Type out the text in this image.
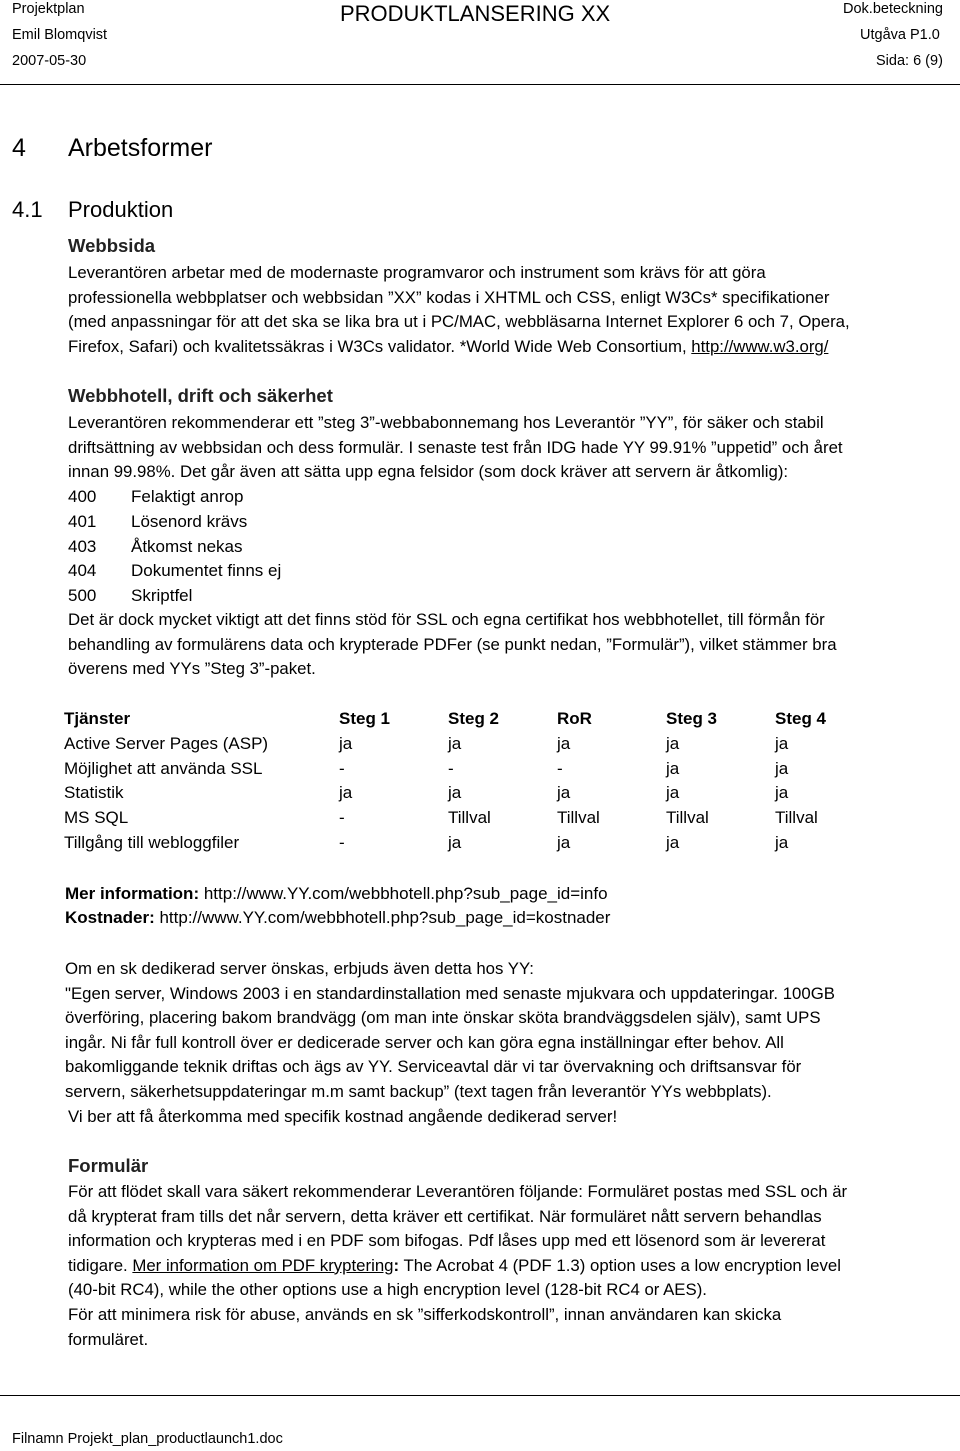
Projektplan
Emil Blomqvist
2007-05-30
PRODUKTLANSERING XX	Dok.beteckning
Utgåva P1.0
Sida: 6 (9)
4 Arbetsformer
4.1 Produktion
Webbsida
Leverantören arbetar med de modernaste programvaror och instrument som krävs för att göra
professionella webbplatser och webbsidan ”XX” kodas i XHTML och CSS, enligt W3Cs* specifikationer
(med anpassningar för att det ska se lika bra ut i PC/MAC, webbläsarna Internet Explorer 6 och 7, Opera,
Firefox, Safari) och kvalitetssäkras i W3Cs validator. *World Wide Web Consortium, http://www.w3.org/
Webbhotell, drift och säkerhet
Leverantören rekommenderar ett ”steg 3”-webbabonnemang hos Leverantör ”YY”, för säker och stabil
driftsättning av webbsidan och dess formulär. I senaste test från IDG hade YY 99.91% ”uppetid” och året
innan 99.98%. Det går även att sätta upp egna felsidor (som dock kräver att servern är åtkomlig):
400 Felaktigt anrop
401 Lösenord krävs
403 Åtkomst nekas
404 Dokumentet finns ej
500 Skriptfel
Det är dock mycket viktigt att det finns stöd för SSL och egna certifikat hos webbhotellet, till förmån för
behandling av formulärens data och krypterade PDFer (se punkt nedan, ”Formulär”), vilket stämmer bra
överens med YYs ”Steg 3”-paket.
Tjänster	Steg 1	Steg 2	RoR	Steg 3	Steg 4
Active Server Pages (ASP)	ja	ja	ja	ja	ja
Möjlighet att använda SSL	-	-	-	ja	ja
Statistik	ja	ja	ja	ja	ja
MS SQL	-	Tillval	Tillval	Tillval	Tillval
Tillgång till webloggfiler	-	ja	ja	ja	ja
Mer information: http://www.YY.com/webbhotell.php?sub_page_id=info
Kostnader: http://www.YY.com/webbhotell.php?sub_page_id=kostnader
Om en sk dedikerad server önskas, erbjuds även detta hos YY:
"Egen server, Windows 2003 i en standardinstallation med senaste mjukvara och uppdateringar. 100GB
överföring, placering bakom brandvägg (om man inte önskar sköta brandväggsdelen själv), samt UPS
ingår. Ni får full kontroll över er dedicerade server och kan göra egna inställningar efter behov. All
bakomliggande teknik driftas och ägs av YY. Serviceavtal där vi tar övervakning och driftsansvar för
servern, säkerhetsuppdateringar m.m samt backup” (text tagen från leverantör YYs webbplats).
Vi ber att få återkomma med specifik kostnad angående dedikerad server!
Formulär
För att flödet skall vara säkert rekommenderar Leverantören följande: Formuläret postas med SSL och är
då krypterat fram tills det når servern, detta kräver ett certifikat. När formuläret nått servern behandlas
information och krypteras med i en PDF som bifogas. Pdf låses upp med ett lösenord som är levererat
tidigare. Mer information om PDF kryptering: The Acrobat 4 (PDF 1.3) option uses a low encryption level
(40-bit RC4), while the other options use a high encryption level (128-bit RC4 or AES).
För att minimera risk för abuse, används en sk ”sifferkodskontroll”, innan användaren kan skicka
formuläret.
Filnamn Projekt_plan_productlaunch1.doc
